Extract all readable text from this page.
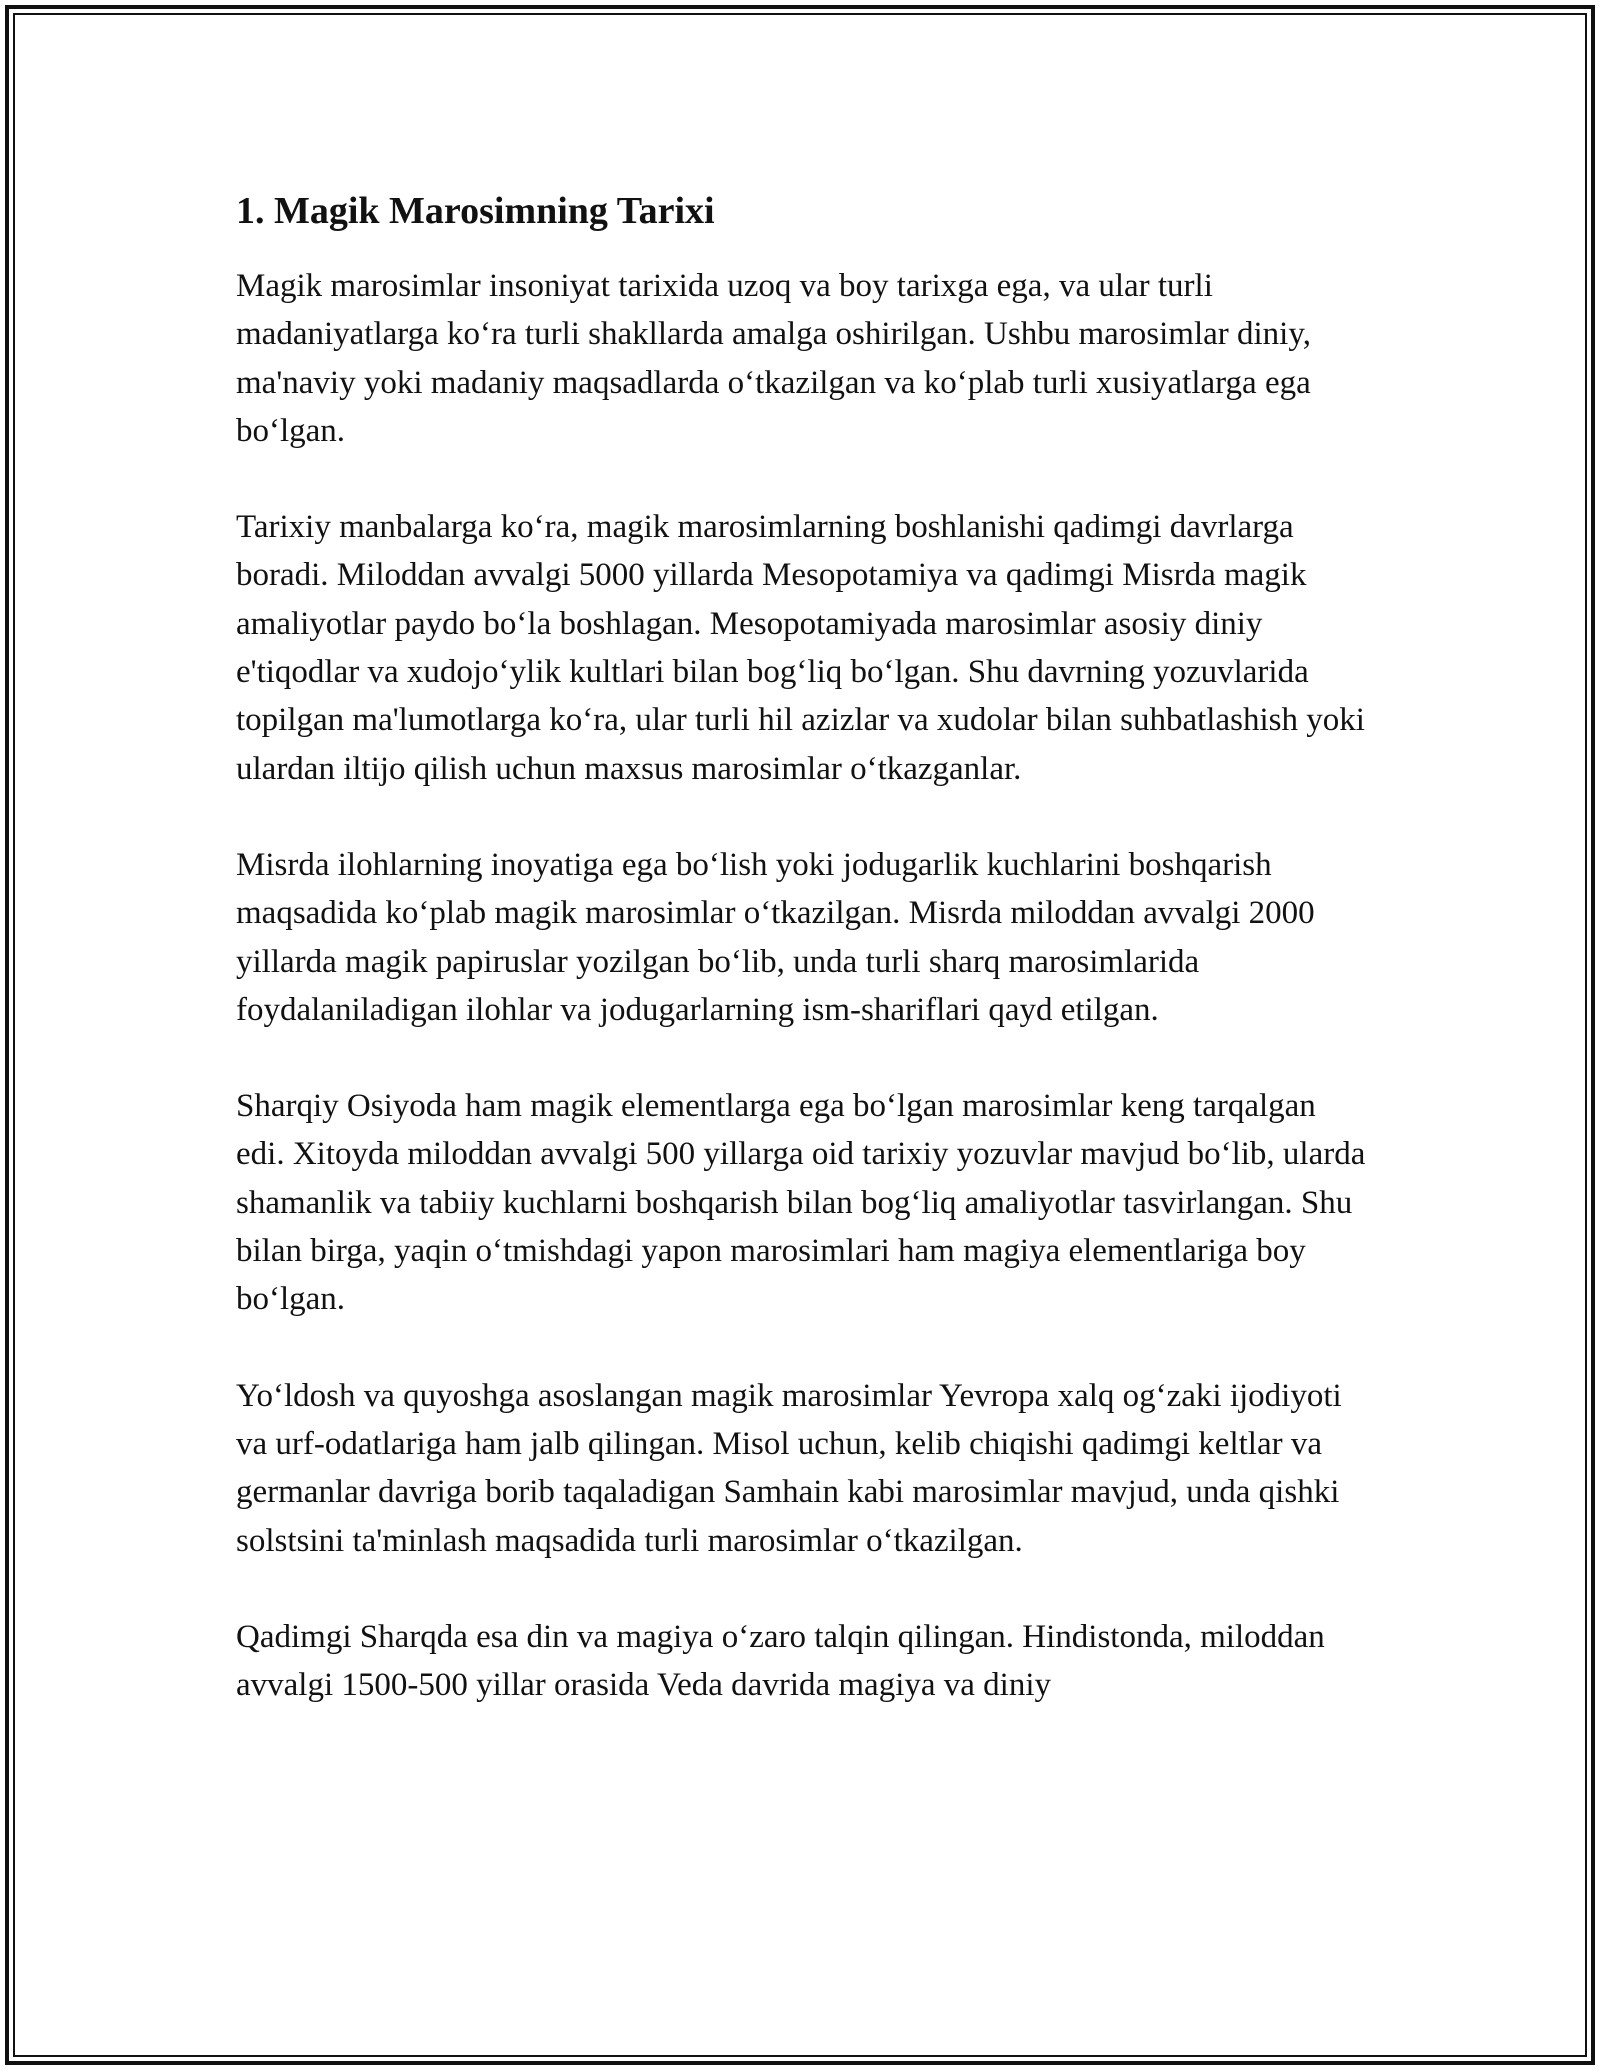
1. Magik Marosimning Tarixi

Magik marosimlar insoniyat tarixida uzoq va boy tarixga ega, va ular turli madaniyatlarga koʻra turli shakllarda amalga oshirilgan. Ushbu marosimlar diniy, ma'naviy yoki madaniy maqsadlarda oʻtkazilgan va koʻplab turli xusiyatlarga ega boʻlgan.

Tarixiy manbalarga koʻra, magik marosimlarning boshlanishi qadimgi davrlarga boradi. Miloddan avvalgi 5000 yillarda Mesopotamiya va qadimgi Misrda magik amaliyotlar paydo boʻla boshlagan. Mesopotamiyada marosimlar asosiy diniy e'tiqodlar va xudojoʻylik kultlari bilan bogʻliq boʻlgan. Shu davrning yozuvlarida topilgan ma'lumotlarga koʻra, ular turli hil azizlar va xudolar bilan suhbatlashish yoki ulardan iltijo qilish uchun maxsus marosimlar oʻtkazganlar.

Misrda ilohlarning inoyatiga ega boʻlish yoki jodugarlik kuchlarini boshqarish maqsadida koʻplab magik marosimlar oʻtkazilgan. Misrda miloddan avvalgi 2000 yillarda magik papiruslar yozilgan boʻlib, unda turli sharq marosimlarida foydalaniladigan ilohlar va jodugarlarning ism-shariflari qayd etilgan.

Sharqiy Osiyoda ham magik elementlarga ega boʻlgan marosimlar keng tarqalgan edi. Xitoyda miloddan avvalgi 500 yillarga oid tarixiy yozuvlar mavjud boʻlib, ularda shamanlik va tabiiy kuchlarni boshqarish bilan bogʻliq amaliyotlar tasvirlangan. Shu bilan birga, yaqin oʻtmishdagi yapon marosimlari ham magiya elementlariga boy boʻlgan.

Yoʻldosh va quyoshga asoslangan magik marosimlar Yevropa xalq ogʻzaki ijodiyoti va urf-odatlariga ham jalb qilingan. Misol uchun, kelib chiqishi qadimgi keltlar va germanlar davriga borib taqaladigan Samhain kabi marosimlar mavjud, unda qishki solstsini ta'minlash maqsadida turli marosimlar oʻtkazilgan.

Qadimgi Sharqda esa din va magiya oʻzaro talqin qilingan. Hindistonda, miloddan avvalgi 1500-500 yillar orasida Veda davrida magiya va diniy
